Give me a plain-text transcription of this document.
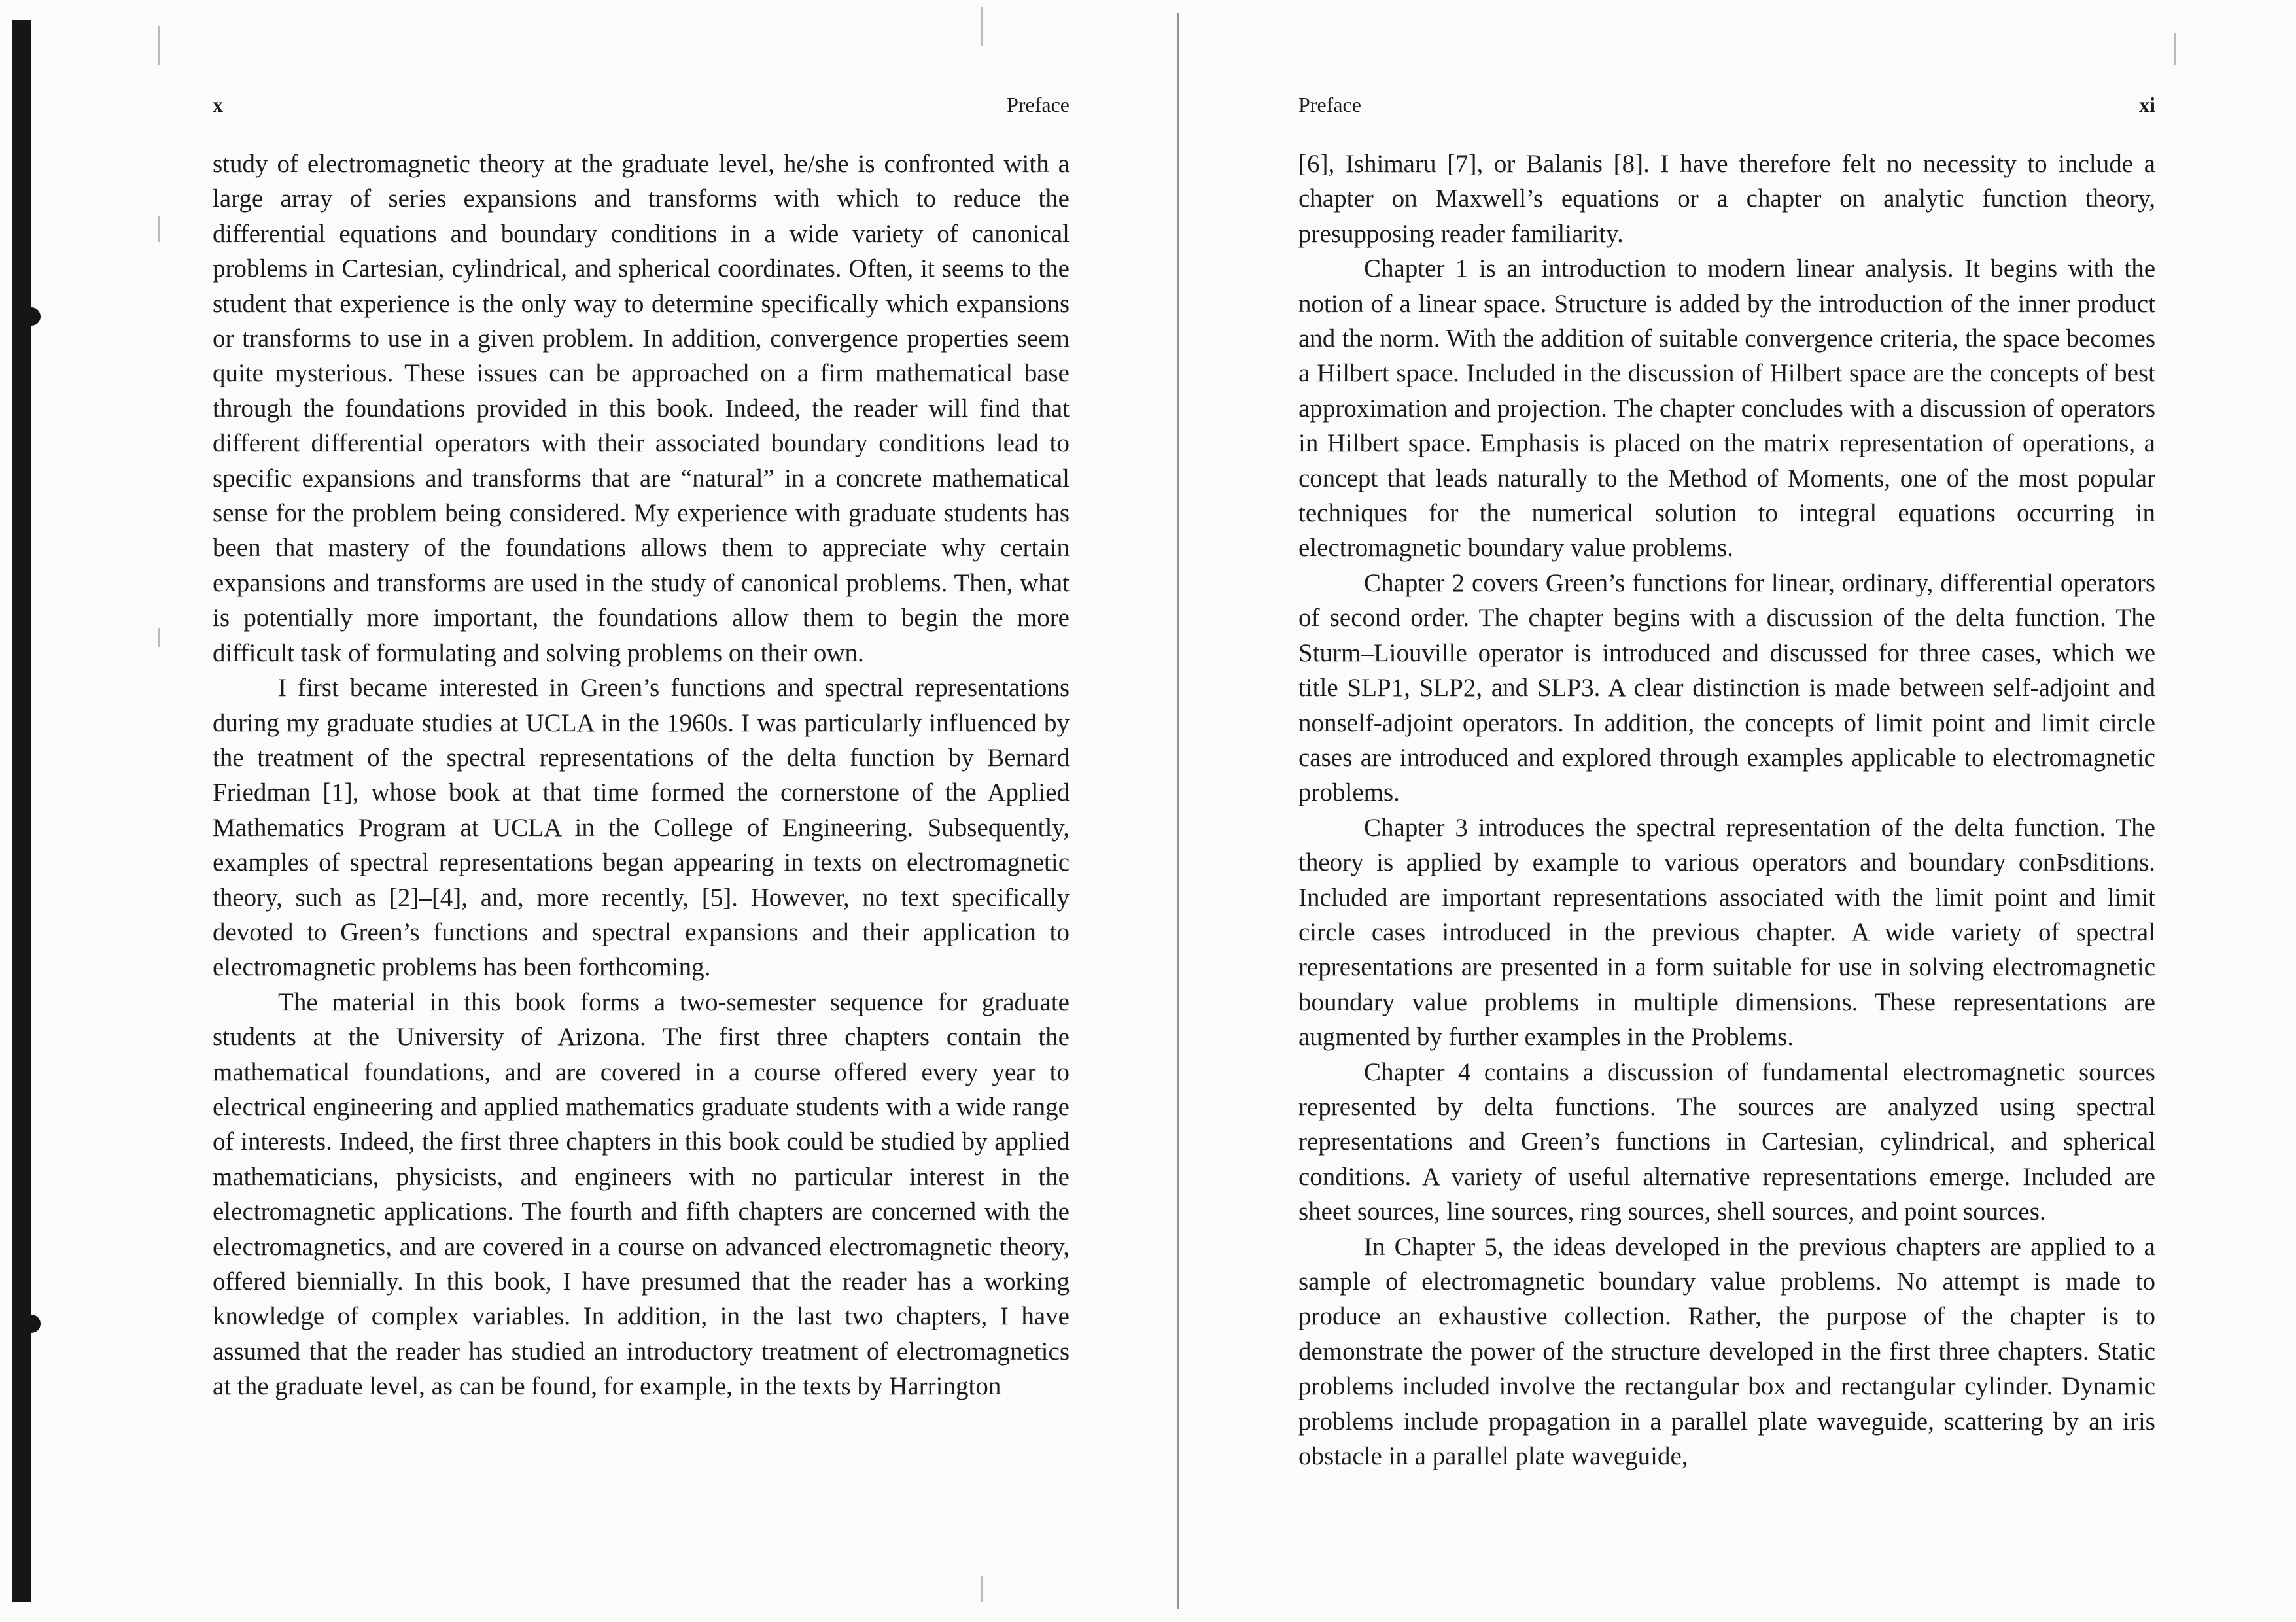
x	Preface

study of electromagnetic theory at the graduate level, he/she is confronted with a large array of series expansions and transforms with which to reduce the differential equations and boundary conditions in a wide variety of canonical problems in Cartesian, cylindrical, and spherical coordinates. Often, it seems to the student that experience is the only way to determine specifically which expansions or transforms to use in a given problem. In addition, convergence properties seem quite mysterious. These issues can be approached on a firm mathematical base through the foundations provided in this book. Indeed, the reader will find that different differential operators with their associated boundary conditions lead to specific expansions and transforms that are “natural” in a concrete mathematical sense for the problem being considered. My experience with graduate students has been that mastery of the foundations allows them to appreciate why certain expansions and transforms are used in the study of canonical problems. Then, what is potentially more important, the foundations allow them to begin the more difficult task of formulating and solving problems on their own.

I first became interested in Green’s functions and spectral representations during my graduate studies at UCLA in the 1960s. I was particularly influenced by the treatment of the spectral representations of the delta function by Bernard Friedman [1], whose book at that time formed the cornerstone of the Applied Mathematics Program at UCLA in the College of Engineering. Subsequently, examples of spectral representations began appearing in texts on electromagnetic theory, such as [2]–[4], and, more recently, [5]. However, no text specifically devoted to Green’s functions and spectral expansions and their application to electromagnetic problems has been forthcoming.

The material in this book forms a two-semester sequence for graduate students at the University of Arizona. The first three chapters contain the mathematical foundations, and are covered in a course offered every year to electrical engineering and applied mathematics graduate students with a wide range of interests. Indeed, the first three chapters in this book could be studied by applied mathematicians, physicists, and engineers with no particular interest in the electromagnetic applications. The fourth and fifth chapters are concerned with the electromagnetics, and are covered in a course on advanced electromagnetic theory, offered biennially. In this book, I have presumed that the reader has a working knowledge of complex variables. In addition, in the last two chapters, I have assumed that the reader has studied an introductory treatment of electromagnetics at the graduate level, as can be found, for example, in the texts by Harrington

Preface	xi

[6], Ishimaru [7], or Balanis [8]. I have therefore felt no necessity to include a chapter on Maxwell’s equations or a chapter on analytic function theory, presupposing reader familiarity.

Chapter 1 is an introduction to modern linear analysis. It begins with the notion of a linear space. Structure is added by the introduction of the inner product and the norm. With the addition of suitable convergence criteria, the space becomes a Hilbert space. Included in the discussion of Hilbert space are the concepts of best approximation and projection. The chapter concludes with a discussion of operators in Hilbert space. Emphasis is placed on the matrix representation of operations, a concept that leads naturally to the Method of Moments, one of the most popular techniques for the numerical solution to integral equations occurring in electromagnetic boundary value problems.

Chapter 2 covers Green’s functions for linear, ordinary, differential operators of second order. The chapter begins with a discussion of the delta function. The Sturm–Liouville operator is introduced and discussed for three cases, which we title SLP1, SLP2, and SLP3. A clear distinction is made between self-adjoint and nonself-adjoint operators. In addition, the concepts of limit point and limit circle cases are introduced and explored through examples applicable to electromagnetic problems.

Chapter 3 introduces the spectral representation of the delta function. The theory is applied by example to various operators and boundary conÞsditions. Included are important representations associated with the limit point and limit circle cases introduced in the previous chapter. A wide variety of spectral representations are presented in a form suitable for use in solving electromagnetic boundary value problems in multiple dimensions. These representations are augmented by further examples in the Problems.

Chapter 4 contains a discussion of fundamental electromagnetic sources represented by delta functions. The sources are analyzed using spectral representations and Green’s functions in Cartesian, cylindrical, and spherical conditions. A variety of useful alternative representations emerge. Included are sheet sources, line sources, ring sources, shell sources, and point sources.

In Chapter 5, the ideas developed in the previous chapters are applied to a sample of electromagnetic boundary value problems. No attempt is made to produce an exhaustive collection. Rather, the purpose of the chapter is to demonstrate the power of the structure developed in the first three chapters. Static problems included involve the rectangular box and rectangular cylinder. Dynamic problems include propagation in a parallel plate waveguide, scattering by an iris obstacle in a parallel plate waveguide,
